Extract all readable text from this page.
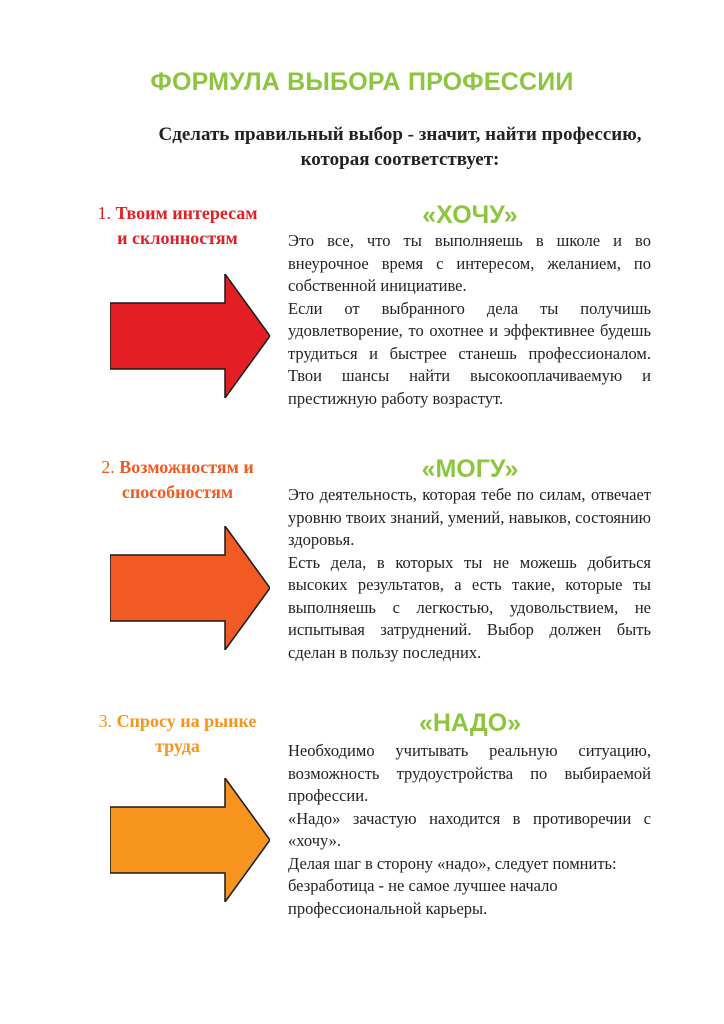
ФОРМУЛА ВЫБОРА ПРОФЕССИИ
Сделать правильный выбор - значит, найти профессию,
которая соответствует:
1. Твоим интересам
и склонностям
«ХОЧУ»

Это все, что ты выполняешь в школе и во внеурочное время с интересом, желанием, по собственной инициативе.

Если от выбранного дела ты получишь удовлетворение, то охотнее и эффективнее будешь трудиться и быстрее станешь профессионалом. Твои шансы найти высокооплачиваемую и престижную работу возрастут.

2. Возможностям и
способностям
«МОГУ»

Это деятельность, которая тебе по силам, отвечает уровню твоих знаний, умений, навыков, состоянию здоровья.

Есть дела, в которых ты не можешь добиться высоких результатов, а есть такие, которые ты выполняешь с легкостью, удовольствием, не испытывая затруднений. Выбор должен быть сделан в пользу последних.

3. Спросу на рынке
труда
«НАДО»

Необходимо учитывать реальную ситуацию, возможность трудоустройства по выбираемой профессии.

«Надо» зачастую находится в противоречии с «хочу».

Делая шаг в сторону «надо», следует помнить: безработица - не самое лучшее начало профессиональной карьеры.
